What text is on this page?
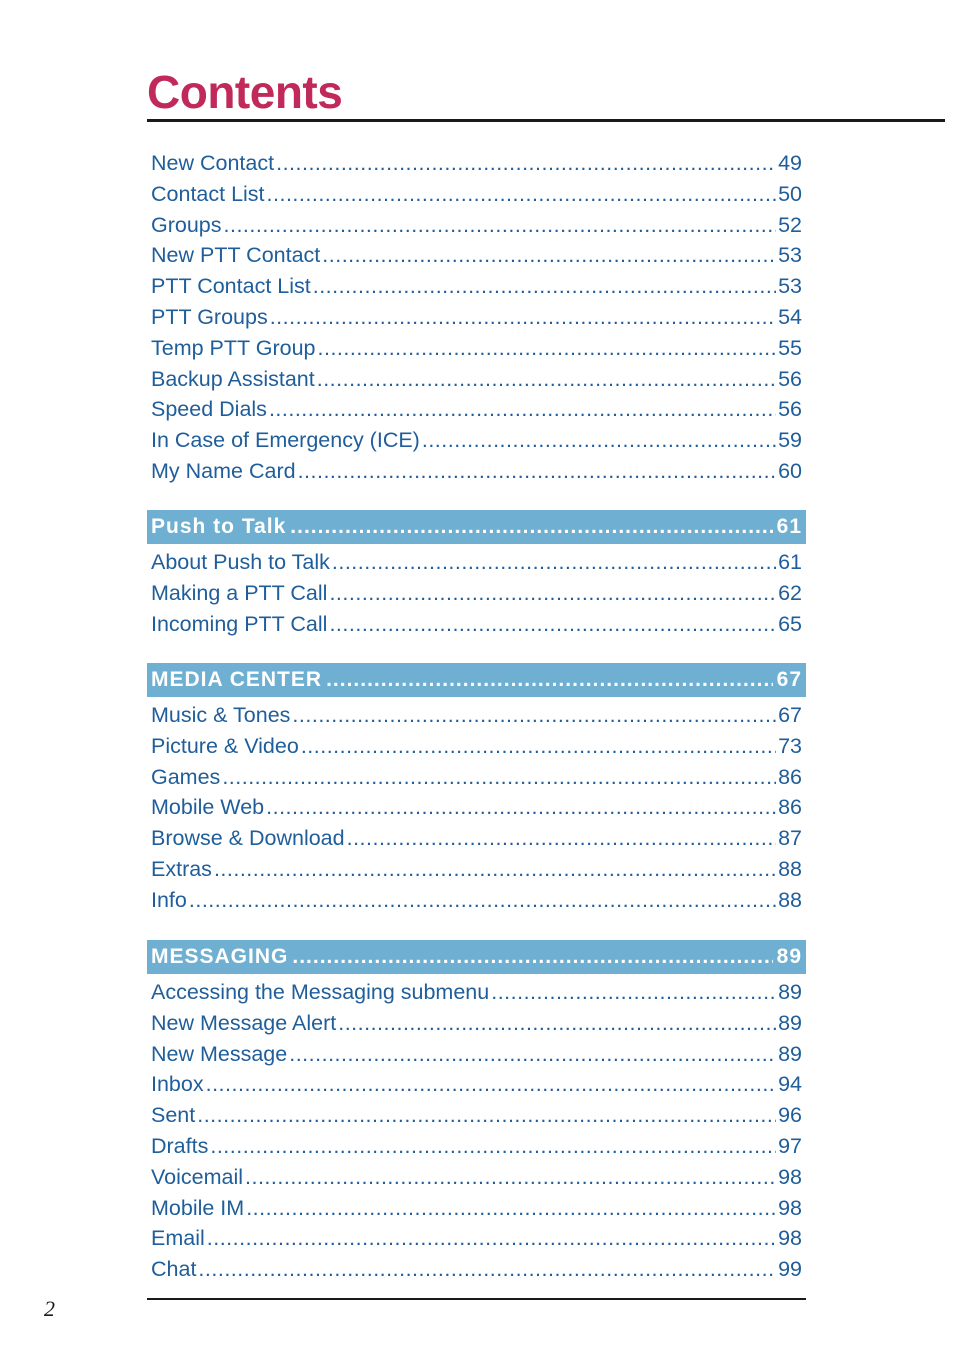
Contents
New Contact .....	49
Contact List .....	50
Groups .....	52
New PTT Contact .....	53
PTT Contact List .....	53
PTT Groups .....	54
Temp PTT Group .....	55
Backup Assistant .....	56
Speed Dials .....	56
In Case of Emergency (ICE) .....	59
My Name Card .....	60
Push to Talk .....	61
About Push to Talk .....	61
Making a PTT Call .....	62
Incoming PTT Call .....	65
MEDIA CENTER .....	67
Music & Tones .....	67
Picture & Video .....	73
Games .....	86
Mobile Web .....	86
Browse & Download .....	87
Extras .....	88
Info .....	88
MESSAGING .....	89
Accessing the Messaging submenu .....	89
New Message Alert .....	89
New Message .....	89
Inbox .....	94
Sent .....	96
Drafts .....	97
Voicemail .....	98
Mobile IM .....	98
Email .....	98
Chat .....	99
2
